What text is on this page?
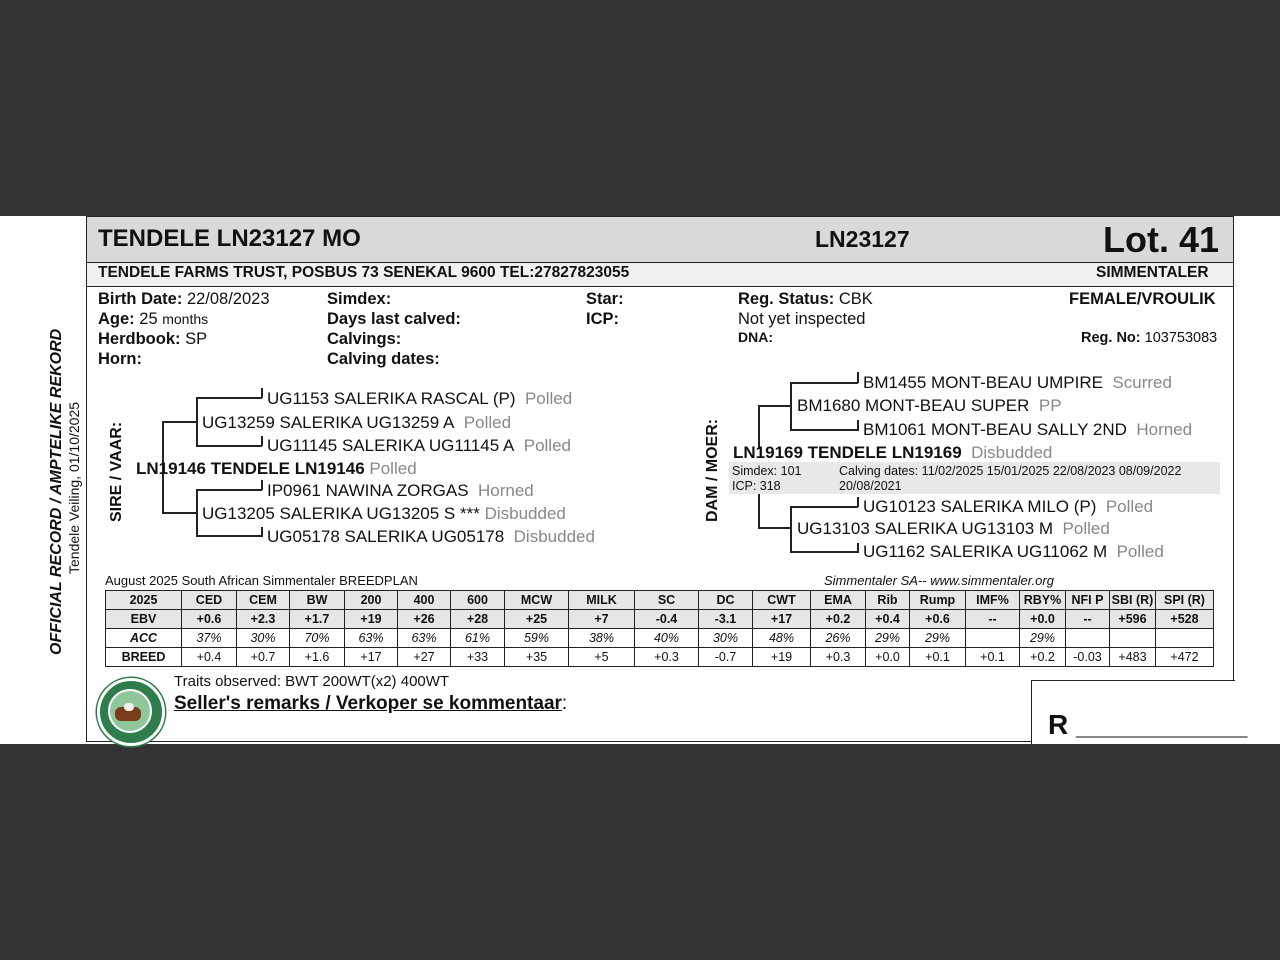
OFFICIAL RECORD / AMPTELIKE REKORD Tendele Veiling, 01/10/2025
TENDELE LN23127 MO	LN23127	Lot. 41
TENDELE FARMS TRUST, POSBUS 73 SENEKAL 9600 TEL:27827823055	SIMMENTALER
Birth Date: 22/08/2023
Age: 25 months
Herdbook: SP
Horn:
Simdex:
Days last calved:
Calvings:
Calving dates:
Star:
ICP:
Reg. Status: CBK
Not yet inspected
DNA:
FEMALE/VROULIK
Reg. No: 103753083
SIRE / VAAR:
UG1153 SALERIKA RASCAL (P) Polled
UG13259 SALERIKA UG13259 A Polled
UG11145 SALERIKA UG11145 A Polled
LN19146 TENDELE LN19146 Polled
IP0961 NAWINA ZORGAS Horned
UG13205 SALERIKA UG13205 S *** Disbudded
UG05178 SALERIKA UG05178 Disbudded
DAM / MOER:
BM1455 MONT-BEAU UMPIRE Scurred
BM1680 MONT-BEAU SUPER PP
BM1061 MONT-BEAU SALLY 2ND Horned
LN19169 TENDELE LN19169 Disbudded
Simdex: 101
ICP: 318
Calving dates: 11/02/2025 15/01/2025 22/08/2023 08/09/2022
20/08/2021
UG10123 SALERIKA MILO (P) Polled
UG13103 SALERIKA UG13103 M Polled
UG1162 SALERIKA UG11062 M Polled
August 2025 South African Simmentaler BREEDPLAN	Simmentaler SA-- www.simmentaler.org
2025	CED	CEM	BW	200	400	600	MCW	MILK	SC	DC	CWT	EMA	Rib	Rump	IMF%	RBY%	NFI P	SBI (R)	SPI (R)
EBV	+0.6	+2.3	+1.7	+19	+26	+28	+25	+7	-0.4	-3.1	+17	+0.2	+0.4	+0.6	--	+0.0	--	+596	+528
ACC	37%	30%	70%	63%	63%	61%	59%	38%	40%	30%	48%	26%	29%	29%		29%			
BREED	+0.4	+0.7	+1.6	+17	+27	+33	+35	+5	+0.3	-0.7	+19	+0.3	+0.0	+0.1	+0.1	+0.2	-0.03	+483	+472
Traits observed: BWT 200WT(x2) 400WT
Seller's remarks / Verkoper se kommentaar:
R ___________
